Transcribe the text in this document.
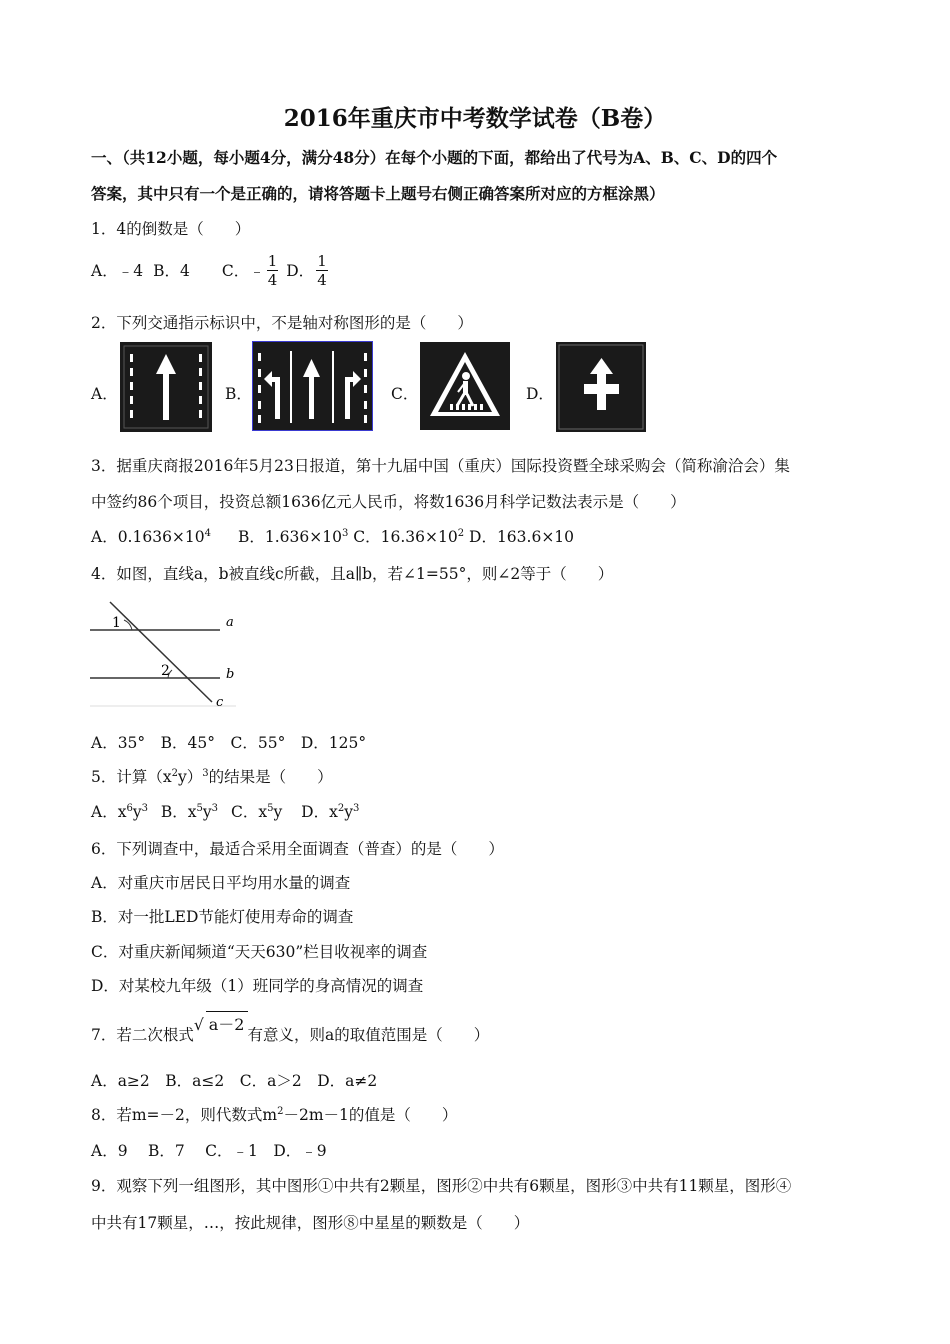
2016年重庆市中考数学试卷（B卷）
一、（共12小题，每小题4分，满分48分）在每个小题的下面，都给出了代号为A、B、C、D的四个
答案，其中只有一个是正确的，请将答题卡上题号右侧正确答案所对应的方框涂黑）
1．4的倒数是（　　）
A．﹣4 B．4 C．﹣ $\frac{1}{4}$ D． $\frac{1}{4}$
2．下列交通指示标识中，不是轴对称图形的是（　　）
A．	B．	C．	D．
3．据重庆商报2016年5月23日报道，第十九届中国（重庆）国际投资暨全球采购会（简称渝洽会）集
中签约86个项目，投资总额1636亿元人民币，将数1636月科学记数法表示是（　　）
A．$0.1636\times 10^4$ B．$1.636\times 10^3$ C．$16.36\times 10^2$ D．163.6×10
4．如图，直线a，b被直线c所截，且a∥b，若∠1=55°，则∠2等于（　　）
1
2
a
b
c
A．35°　B．45°　C．55°　D．125°
5．计算$(x^2y)^3$的结果是（　　）
A．$x^6y^3$ B．$x^5y^3$ C．$x^5y$ D．$x^2y^3$
6．下列调查中，最适合采用全面调查（普查）的是（　　）
A．对重庆市居民日平均用水量的调查
B．对一批LED节能灯使用寿命的调查
C．对重庆新闻频道“天天630”栏目收视率的调查
D．对某校九年级（1）班同学的身高情况的调查
7．若二次根式√ a－2有意义，则a的取值范围是（　　）
A．a≥2　B．a≤2　C．a＞2　D．a≠2
8．若m=－2，则代数式$m^2-2m-1$的值是（　　）
A．9　 B．7　 C．﹣1　D．﹣9
9．观察下列一组图形，其中图形①中共有2颗星，图形②中共有6颗星，图形③中共有11颗星，图形④
中共有17颗星，…，按此规律，图形⑧中星星的颗数是（　　）
